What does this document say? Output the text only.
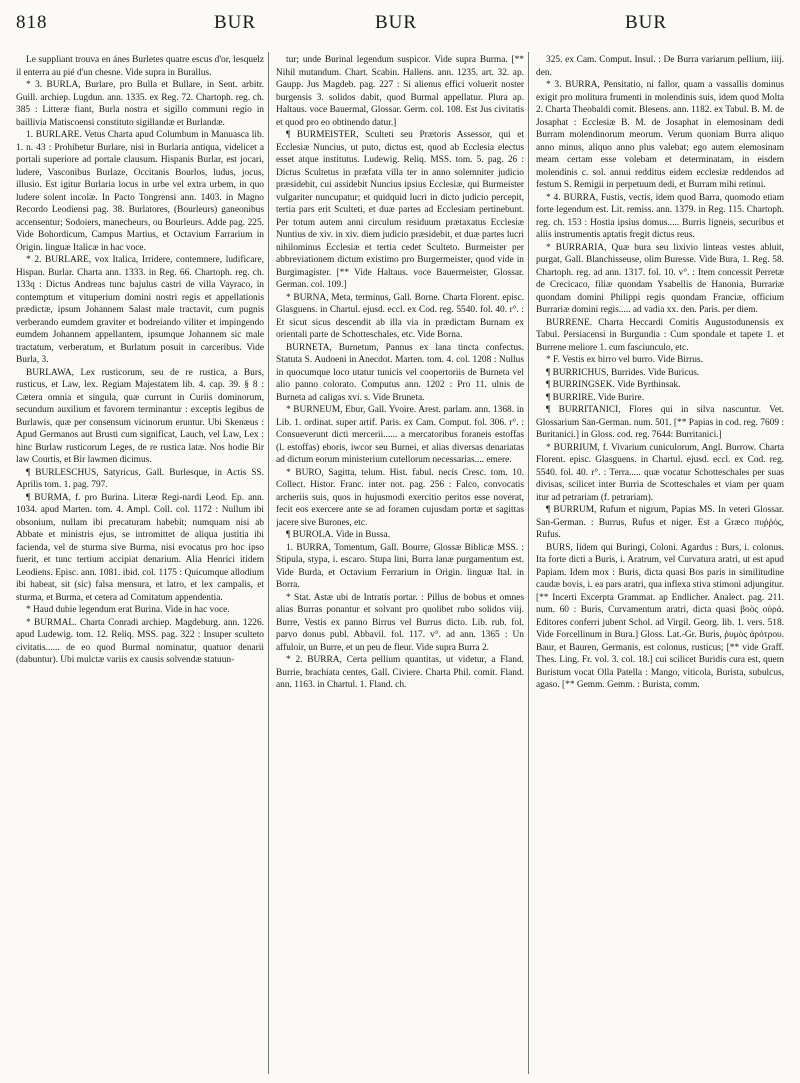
818	BUR	BUR	BUR

Le suppliant trouva en ánes Burletes quatre escus d'or, lesquelz il enterra au pié d'un chesne. Vide supra in Burallus.

* 3. BURLA, Burlare, pro Bulla et Bullare, in Sent. arbitr. Guill. archiep. Lugdun. ann. 1335. ex Reg. 72. Chartoph. reg. ch. 385 : Litteræ fiant, Burla nostra et sigillo communi regio in baillivia Matiscoensi constituto sigillandæ et Burlandæ.

1. BURLARE. Vetus Charta apud Columbum in Manuasca lib. 1. n. 43 : Prohibetur Burlare, nisi in Burlaria antiqua, videlicet a portali superiore ad portale clausum. Hispanis Burlar, est jocari, ludere, Vasconibus Burlaze, Occitanis Bourlos, ludus, jocus, illusio. Est igitur Burlaria locus in urbe vel extra urbem, in quo ludere solent incolæ. In Pacto Tongrensi ann. 1403. in Magno Recordo Leodiensi pag. 38. Burlatores, (Bourleurs) ganeonibus accensentur; Sodoiers, manecheurs, ou Bourleurs. Adde pag. 225. Vide Bohordicum, Campus Martius, et Octavium Farrarium in Origin. linguæ Italicæ in hac voce.

* 2. BURLARE, vox Italica, Irridere, contemnere, ludificare, Hispan. Burlar. Charta ann. 1333. in Reg. 66. Chartoph. reg. ch. 133q : Dictus Andreas tunc bajulus castri de villa Vayraco, in contemptum et vituperium domini nostri regis et appellationis prædictæ, ipsum Johannem Salast male tractavit, cum pugnis verberando eumdem graviter et bodreiando viliter et impingendo eumdem Johannem appellantem, ipsumque Johannem sic male tractatum, verberatum, et Burlatum posuit in carceribus. Vide Burla, 3.

BURLAWA, Lex rusticorum, seu de re rustica, a Burs, rusticus, et Law, lex. Regiam Majestatem lib. 4. cap. 39. § 8 : Cætera omnia et singula, quæ currunt in Curiis dominorum, secundum auxilium et favorem terminantur : exceptis legibus de Burlawis, quæ per consensum vicinorum eruntur. Ubi Skenæus : Apud Germanos aut Brusti cum significat, Lauch, vel Law, Lex : hinc Burlaw rusticorum Leges, de re rustica latæ. Nos hodie Bir law Courtis, et Bir lawmen dicimus.

¶ BURLESCHUS, Satyricus, Gall. Burlesque, in Actis SS. Aprilis tom. 1. pag. 797.

¶ BURMA, f. pro Burina. Literæ Regi-nardi Leod. Ep. ann. 1034. apud Marten. tom. 4. Ampl. Coll. col. 1172 : Nullum ibi obsonium, nullam ibi precaturam habebit; numquam nisi ab Abbate et ministris ejus, se intromittet de aliqua justitia ibi facienda, vel de sturma sive Burma, nisi evocatus pro hoc ipso fuerit, et tunc tertium accipiat denarium. Alia Henrici itidem Leodiens. Episc. ann. 1081. ibid. col. 1175 : Quicumque allodium ibi habeat, sit (sic) falsa mensura, et latro, et lex campalis, et sturma, et Burma, et cetera ad Comitatum appendentia.

* Haud dubie legendum erat Burina. Vide in hac voce.

* BURMAL. Charta Conradi archiep. Magdeburg. ann. 1226. apud Ludewig. tom. 12. Reliq. MSS. pag. 322 : Insuper sculteto civitatis...... de eo quod Burmal nominatur, quatuor denarii (dabuntur). Ubi mulctæ variis ex causis solvendæ statuun-

tur; unde Burinal legendum suspicor. Vide supra Burma. [** Nihil mutandum. Chart. Scabin. Hallens. ann. 1235. art. 32. ap. Gaupp. Jus Magdeb. pag. 227 : Si alienus effici voluerit noster burgensis 3. solidos dabit, quod Burmal appellatur. Plura ap. Haltaus. voce Bauermal, Glossar. Germ. col. 108. Est Jus civitatis et quod pro eo obtinendo datur.]

¶ BURMEISTER, Sculteti seu Prætoris Assessor, qui et Ecclesiæ Nuncius, ut puto, dictus est, quod ab Ecclesia electus esset atque institutus. Ludewig. Reliq. MSS. tom. 5. pag. 26 : Dictus Scultetus in præfata villa ter in anno solemniter judicio præsidebit, cui assidebit Nuncius ipsius Ecclesiæ, qui Burmeister vulgariter nuncupatur; et quidquid lucri in dicto judicio percepit, tertia pars erit Sculteti, et duæ partes ad Ecclesiam pertinebunt. Per totum autem anni circulum residuum prætaxatus Ecclesiæ Nuntius de xiv. in xiv. diem judicio præsidebit, et duæ partes lucri nihilominus Ecclesiæ et tertia cedet Sculteto. Burmeister per abbreviationem dictum existimo pro Burgermeister, quod vide in Burgimagister. [** Vide Haltaus. voce Bauermeister, Glossar. German. col. 109.]

* BURNA, Meta, terminus, Gall. Borne. Charta Florent. episc. Glasguens. in Chartul. ejusd. eccl. ex Cod. reg. 5540. fol. 40. r°. : Et sicut sicus descendit ab illa via in prædictam Burnam ex orientali parte de Schotteschales, etc. Vide Borna.

BURNETA, Burnetum, Pannus ex lana tincta confectus. Statuta S. Audoeni in Anecdot. Marten. tom. 4. col. 1208 : Nullus in quocumque loco utatur tunicis vel coopertoriis de Burneta vel alio panno colorato. Computus ann. 1202 : Pro 11. ulnis de Burneta ad caligas xvi. s. Vide Bruneta.

* BURNEUM, Ebur, Gall. Yvoire. Arest. parlam. ann. 1368. in Lib. 1. ordinat. super artif. Paris. ex Cam. Comput. fol. 306. r°. : Consueverunt dicti mercerii...... a mercatoribus foraneis estoffas (l. estoffas) eboris, iwcor seu Burnei, et alias diversas denariatas ad dictum eorum ministerium cutellorum necessarias.... emere.

* BURO, Sagitta, telum. Hist. fabul. necis Cresc. tom. 10. Collect. Histor. Franc. inter not. pag. 256 : Falco, convocatis archeriis suis, quos in hujusmodi exercitio peritos esse noverat, fecit eos exercere ante se ad foramen cujusdam portæ et sagittas jacere sive Burones, etc.

¶ BUROLA. Vide in Bussa.

1. BURRA, Tomentum, Gall. Bourre, Glossæ Biblicæ MSS. : Stipula, stypa, i. escaro. Stupa lini, Burra lanæ purgamentum est. Vide Burda, et Octavium Ferrarium in Origin. linguæ Ital. in Borra.

* Stat. Astæ ubi de Intratis portar. : Pillus de bobus et omnes alias Burras ponantur et solvant pro quolibet rubo solidos viij. Burre, Vestis ex panno Birrus vel Burrus dicto. Lib. rub. fol. parvo donus publ. Abbavil. fol. 117. v°. ad ann. 1365 : Un affuloir, un Burre, et un peu de fleur. Vide supra Burra 2.

* 2. BURRA, Certa pellium quantitas, ut videtur, a Fland. Burrie, brachiata centes, Gall. Civiere. Charta Phil. comit. Fland. ann. 1163. in Chartul. 1. Fland. ch.

325. ex Cam. Comput. Insul. : De Burra variarum pellium, iiij. den.

* 3. BURRA, Pensitatio, ni fallor, quam a vassallis dominus exigit pro molitura frumenti in molendinis suis, idem quod Molta 2. Charta Theobaldi comit. Blesens. ann. 1182. ex Tabul. B. M. de Josaphat : Ecclesiæ B. M. de Josaphat in elemosinam dedi Burram molendinorum meorum. Verum quoniam Burra aliquo anno minus, aliquo anno plus valebat; ego autem elemosinam meam certam esse volebam et determinatam, in eisdem molendinis c. sol. annui redditus eidem ecclesiæ reddendos ad festum S. Remigii in perpetuum dedi, et Burram mihi retinui.

* 4. BURRA, Fustis, vectis, idem quod Barra, quomodo etiam forte legendum est. Lit. remiss. ann. 1379. in Reg. 115. Chartoph. reg. ch. 153 : Hostia ipsius domus..... Burris ligneis, securibus et aliis instrumentis aptatis fregit dictus reus.

* BURRARIA, Quæ bura seu lixivio linteas vestes abluit, purgat, Gall. Blanchisseuse, olim Buresse. Vide Bura, 1. Reg. 58. Chartoph. reg. ad ann. 1317. fol. 10. v°. : Item concessit Perretæ de Crecicaco, filiæ quondam Ysabellis de Hanonia, Burrariæ quondam domini Philippi regis quondam Franciæ, officium Burrariæ domini regis..... ad vadia xx. den. Paris. per diem.

BURRENE. Charta Heccardi Comitis Augustodunensis ex Tabul. Persiacensi in Burgundia : Cum spondale et tapete 1. et Burrene meliore 1. cum fasciunculo, etc.

* F. Vestis ex birro vel burro. Vide Birrus.

¶ BURRICHUS, Burrides. Vide Buricus.

¶ BURRINGSEK. Vide Byrthinsak.

¶ BURRIRE. Vide Burire.

¶ BURRITANICI, Flores qui in silva nascuntur. Vet. Glossarium San-German. num. 501. [** Papias in cod. reg. 7609 : Buritanici.] in Gloss. cod. reg. 7644: Burritanici.]

* BURRIUM, f. Vivarium cuniculorum, Angl. Burrow. Charta Florent. episc. Glasguens. in Chartul. ejusd. eccl. ex Cod. reg. 5540. fol. 40. r°. : Terra..... quæ vocatur Schotteschales per suas divisas, scilicet inter Burria de Scotteschales et viam per quam itur ad petrariam (f. petrariam).

¶ BURRUM, Rufum et nigrum, Papias MS. In veteri Glossar. San-German. : Burrus, Rufus et niger. Est a Græco πυῤῥός, Rufus.

BURS, Iidem qui Buringi, Coloni. Agardus : Burs, i. colonus. Ita forte dicti a Buris, i. Aratrum, vel Curvatura aratri, ut est apud Papiam. Idem mox : Buris, dicta quasi Bos paris in similitudine caudæ bovis, i. ea pars aratri, qua inflexa stiva stimoni adjungitur. [** Incerti Excerpta Grammat. ap Endlicher. Analect. pag. 211. num. 60 : Buris, Curvamentum aratri, dicta quasi βοὸς οὐρά. Editores conferri jubent Schol. ad Virgil. Georg. lib. 1. vers. 518. Vide Forcellinum in Bura.] Gloss. Lat.-Gr. Buris, ῥυμὸς ἀρότρου. Baur, et Bauren, Germanis, est colonus, rusticus; [** vide Graff. Thes. Ling. Fr. vol. 3. col. 18.] cui scilicet Buridis cura est, quem Buristum vocat Olla Patella : Mango, viticola, Burista, subulcus, agaso. [** Gemm. Gemm. : Burista, comm.
